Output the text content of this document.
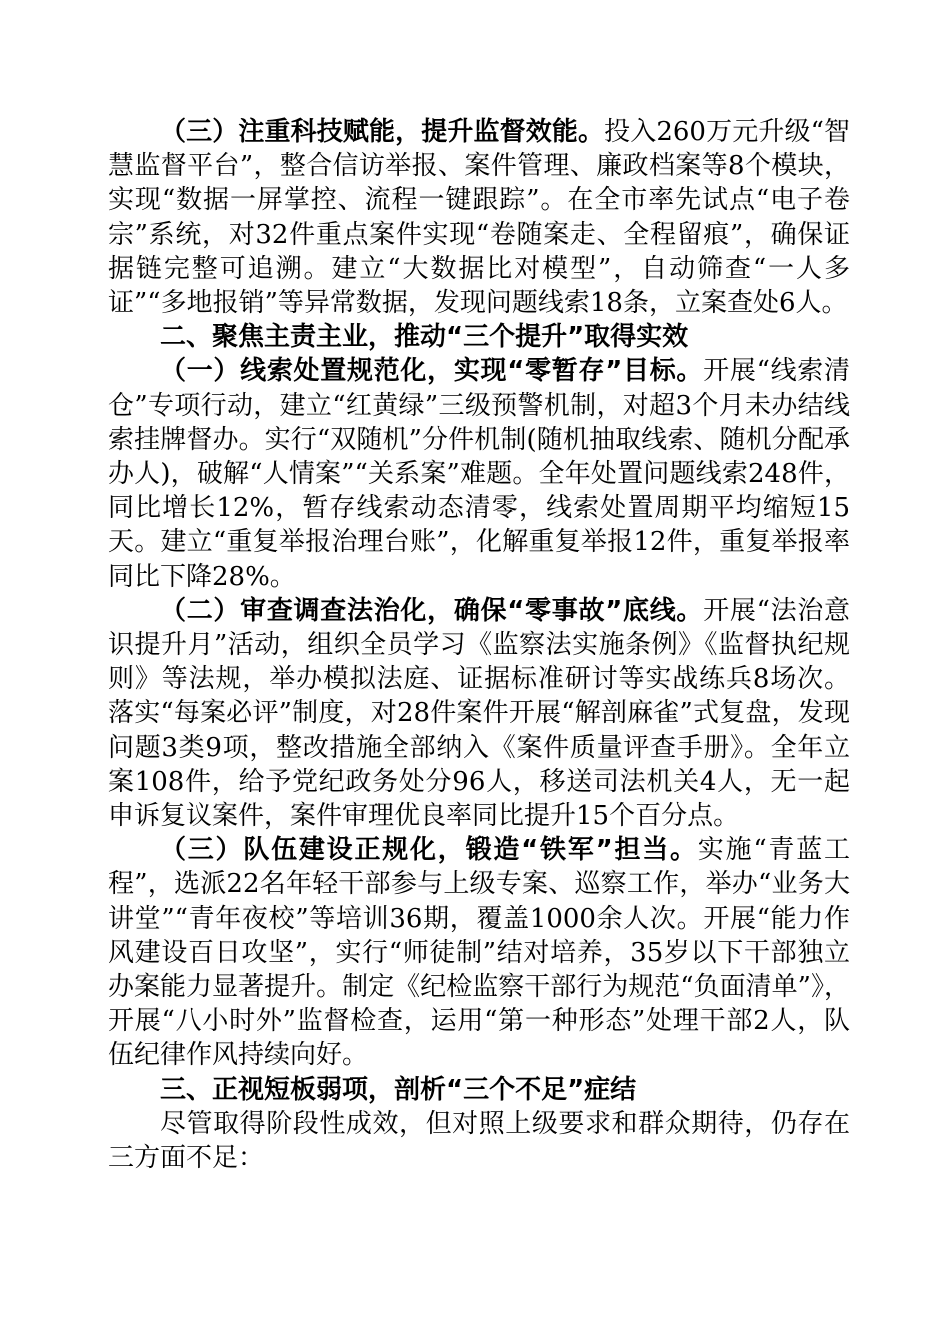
（三）注重科技赋能，提升监督效能。投入260万元升级“智慧监督平台”，整合信访举报、案件管理、廉政档案等8个模块，实现“数据一屏掌控、流程一键跟踪”。在全市率先试点“电子卷宗”系统，对32件重点案件实现“卷随案走、全程留痕”，确保证据链完整可追溯。建立“大数据比对模型”，自动筛查“一人多证”“多地报销”等异常数据，发现问题线索18条，立案查处6人。

二、聚焦主责主业，推动“三个提升”取得实效

（一）线索处置规范化，实现“零暂存”目标。开展“线索清仓”专项行动，建立“红黄绿”三级预警机制，对超3个月未办结线索挂牌督办。实行“双随机”分件机制(随机抽取线索、随机分配承办人)，破解“人情案”“关系案”难题。全年处置问题线索248件，同比增长12%，暂存线索动态清零，线索处置周期平均缩短15天。建立“重复举报治理台账”，化解重复举报12件，重复举报率同比下降28%。

（二）审查调查法治化，确保“零事故”底线。开展“法治意识提升月”活动，组织全员学习《监察法实施条例》《监督执纪规则》等法规，举办模拟法庭、证据标准研讨等实战练兵8场次。落实“每案必评”制度，对28件案件开展“解剖麻雀”式复盘，发现问题3类9项，整改措施全部纳入《案件质量评查手册》。全年立案108件，给予党纪政务处分96人，移送司法机关4人，无一起申诉复议案件，案件审理优良率同比提升15个百分点。

（三）队伍建设正规化，锻造“铁军”担当。实施“青蓝工程”，选派22名年轻干部参与上级专案、巡察工作，举办“业务大讲堂”“青年夜校”等培训36期，覆盖1000余人次。开展“能力作风建设百日攻坚”，实行“师徒制”结对培养，35岁以下干部独立办案能力显著提升。制定《纪检监察干部行为规范“负面清单”》，开展“八小时外”监督检查，运用“第一种形态”处理干部2人，队伍纪律作风持续向好。

三、正视短板弱项，剖析“三个不足”症结

尽管取得阶段性成效，但对照上级要求和群众期待，仍存在三方面不足：
